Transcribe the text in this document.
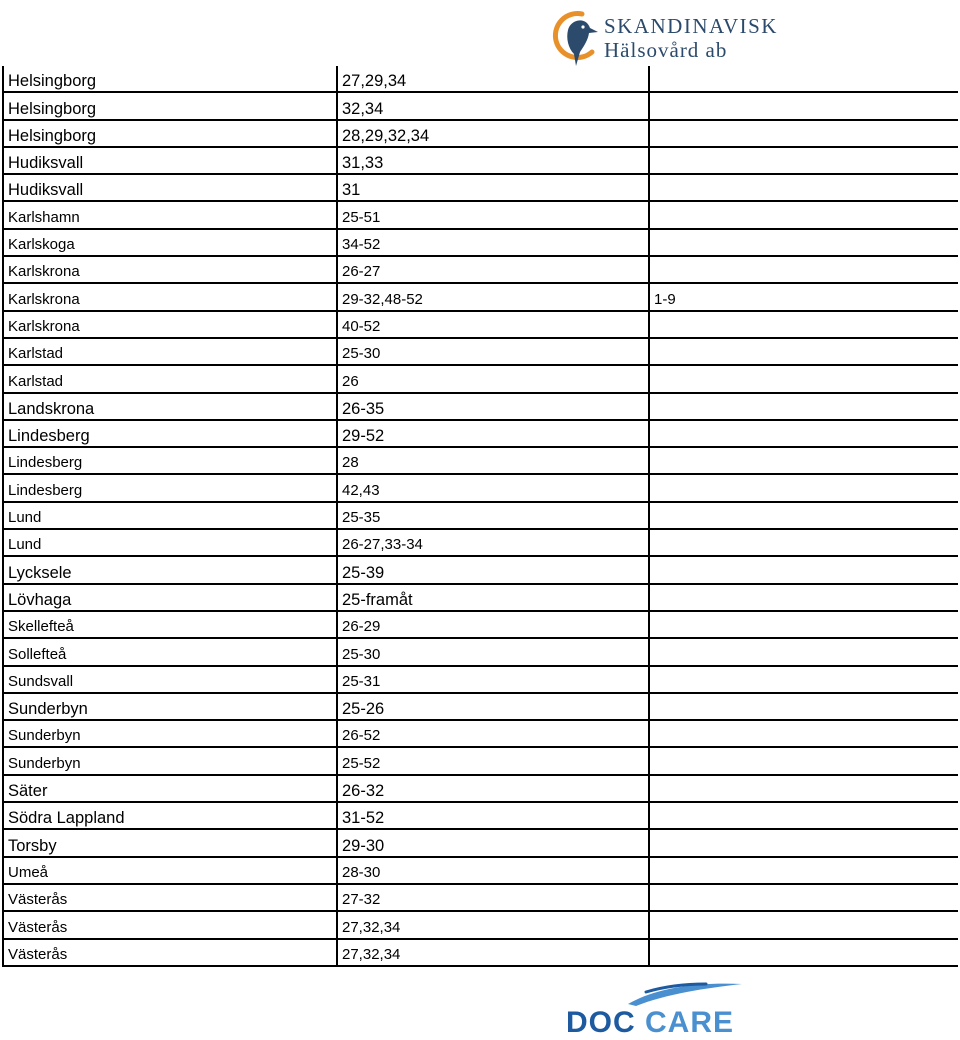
SKANDINAVISK
Hälsovård ab
Helsingborg	27,29,34	
Helsingborg	32,34	
Helsingborg	28,29,32,34	
Hudiksvall	31,33	
Hudiksvall	31	
Karlshamn	25-51	
Karlskoga	34-52	
Karlskrona	26-27	
Karlskrona	29-32,48-52	1-9
Karlskrona	40-52	
Karlstad	25-30	
Karlstad	26	
Landskrona	26-35	
Lindesberg	29-52	
Lindesberg	28	
Lindesberg	42,43	
Lund	25-35	
Lund	26-27,33-34	
Lycksele	25-39	
Lövhaga	25-framåt	
Skellefteå	26-29	
Sollefteå	25-30	
Sundsvall	25-31	
Sunderbyn	25-26	
Sunderbyn	26-52	
Sunderbyn	25-52	
Säter	26-32	
Södra Lappland	31-52	
Torsby	29-30	
Umeå	28-30	
Västerås	27-32	
Västerås	27,32,34	
Västerås	27,32,34	
DOC CARE
